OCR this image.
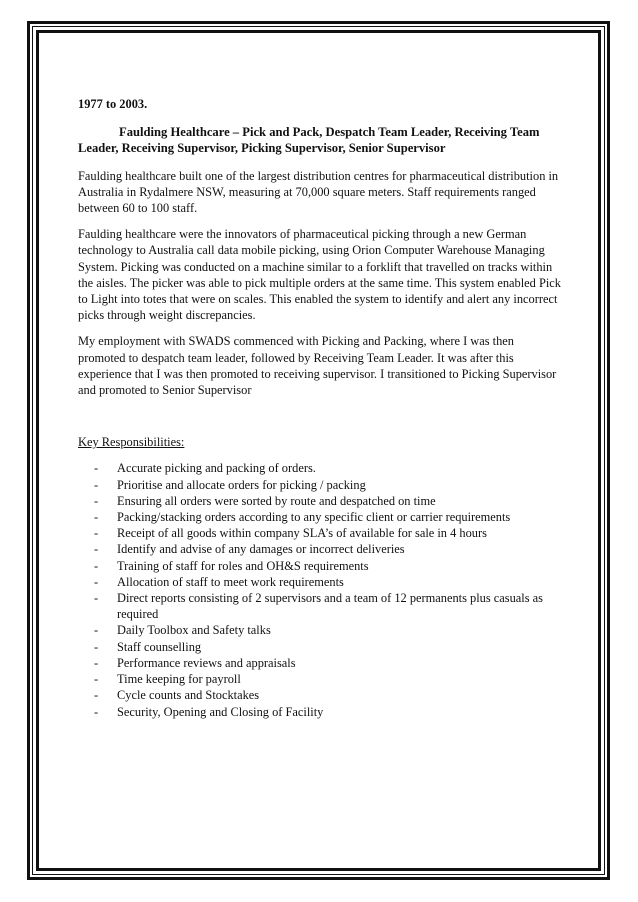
1977 to 2003.

Faulding Healthcare – Pick and Pack, Despatch Team Leader, Receiving Team Leader, Receiving Supervisor, Picking Supervisor, Senior Supervisor

Faulding healthcare built one of the largest distribution centres for pharmaceutical distribution in Australia in Rydalmere NSW, measuring at 70,000 square meters. Staff requirements ranged between 60 to 100 staff.

Faulding healthcare were the innovators of pharmaceutical picking through a new German technology to Australia call data mobile picking, using Orion Computer Warehouse Managing System. Picking was conducted on a machine similar to a forklift that travelled on tracks within the aisles. The picker was able to pick multiple orders at the same time. This system enabled Pick to Light into totes that were on scales. This enabled the system to identify and alert any incorrect picks through weight discrepancies.

My employment with SWADS commenced with Picking and Packing, where I was then promoted to despatch team leader, followed by Receiving Team Leader. It was after this experience that I was then promoted to receiving supervisor. I transitioned to Picking Supervisor and promoted to Senior Supervisor

Key Responsibilities:

- Accurate picking and packing of orders.
- Prioritise and allocate orders for picking / packing
- Ensuring all orders were sorted by route and despatched on time
- Packing/stacking orders according to any specific client or carrier requirements
- Receipt of all goods within company SLA’s of available for sale in 4 hours
- Identify and advise of any damages or incorrect deliveries
- Training of staff for roles and OH&S requirements
- Allocation of staff to meet work requirements
- Direct reports consisting of 2 supervisors and a team of 12 permanents plus casuals as required
- Daily Toolbox and Safety talks
- Staff counselling
- Performance reviews and appraisals
- Time keeping for payroll
- Cycle counts and Stocktakes
- Security, Opening and Closing of Facility
